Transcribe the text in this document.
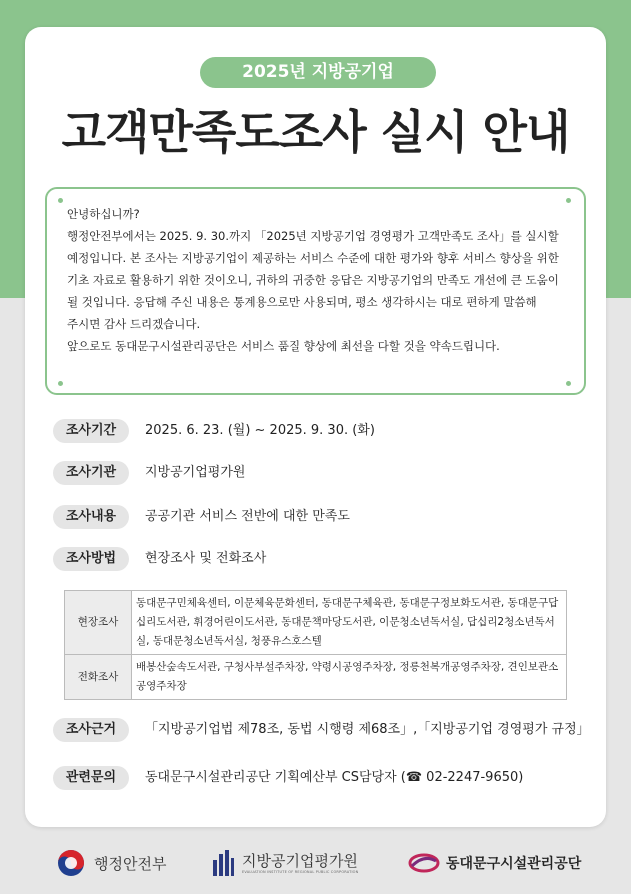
2025년 지방공기업
고객만족도조사 실시 안내

안녕하십니까?

행정안전부에서는 2025. 9. 30.까지 「2025년 지방공기업 경영평가 고객만족도 조사」를 실시할

예정입니다. 본 조사는 지방공기업이 제공하는 서비스 수준에 대한 평가와 향후 서비스 향상을 위한

기초 자료로 활용하기 위한 것이오니, 귀하의 귀중한 응답은 지방공기업의 만족도 개선에 큰 도움이

될 것입니다. 응답해 주신 내용은 통계용으로만 사용되며, 평소 생각하시는 대로 편하게 말씀해

주시면 감사 드리겠습니다.

앞으로도 동대문구시설관리공단은 서비스 품질 향상에 최선을 다할 것을 약속드립니다.

조사기간	2025. 6. 23. (월) ~ 2025. 9. 30. (화)
조사기관	지방공기업평가원
조사내용	공공기관 서비스 전반에 대한 만족도
조사방법	현장조사 및 전화조사
현장조사	동대문구민체육센터, 이문체육문화센터, 동대문구체육관, 동대문구정보화도서관, 동대문구답십리도서관, 휘경어린이도서관, 동대문책마당도서관, 이문청소년독서실, 답십리2청소년독서실, 동대문청소년독서실, 청풍유스호스텔
전화조사	배봉산숲속도서관, 구청사부설주차장, 약령시공영주차장, 정릉천복개공영주차장, 견인보관소공영주차장
조사근거	「지방공기업법 제78조, 동법 시행령 제68조」,「지방공기업 경영평가 규정」
관련문의	동대문구시설관리공단 기획예산부 CS담당자 (☎ 02-2247-9650)
행정안전부	지방공기업평가원
EVALUATION INSTITUTE OF REGIONAL PUBLIC CORPORATION	동대문구시설관리공단
